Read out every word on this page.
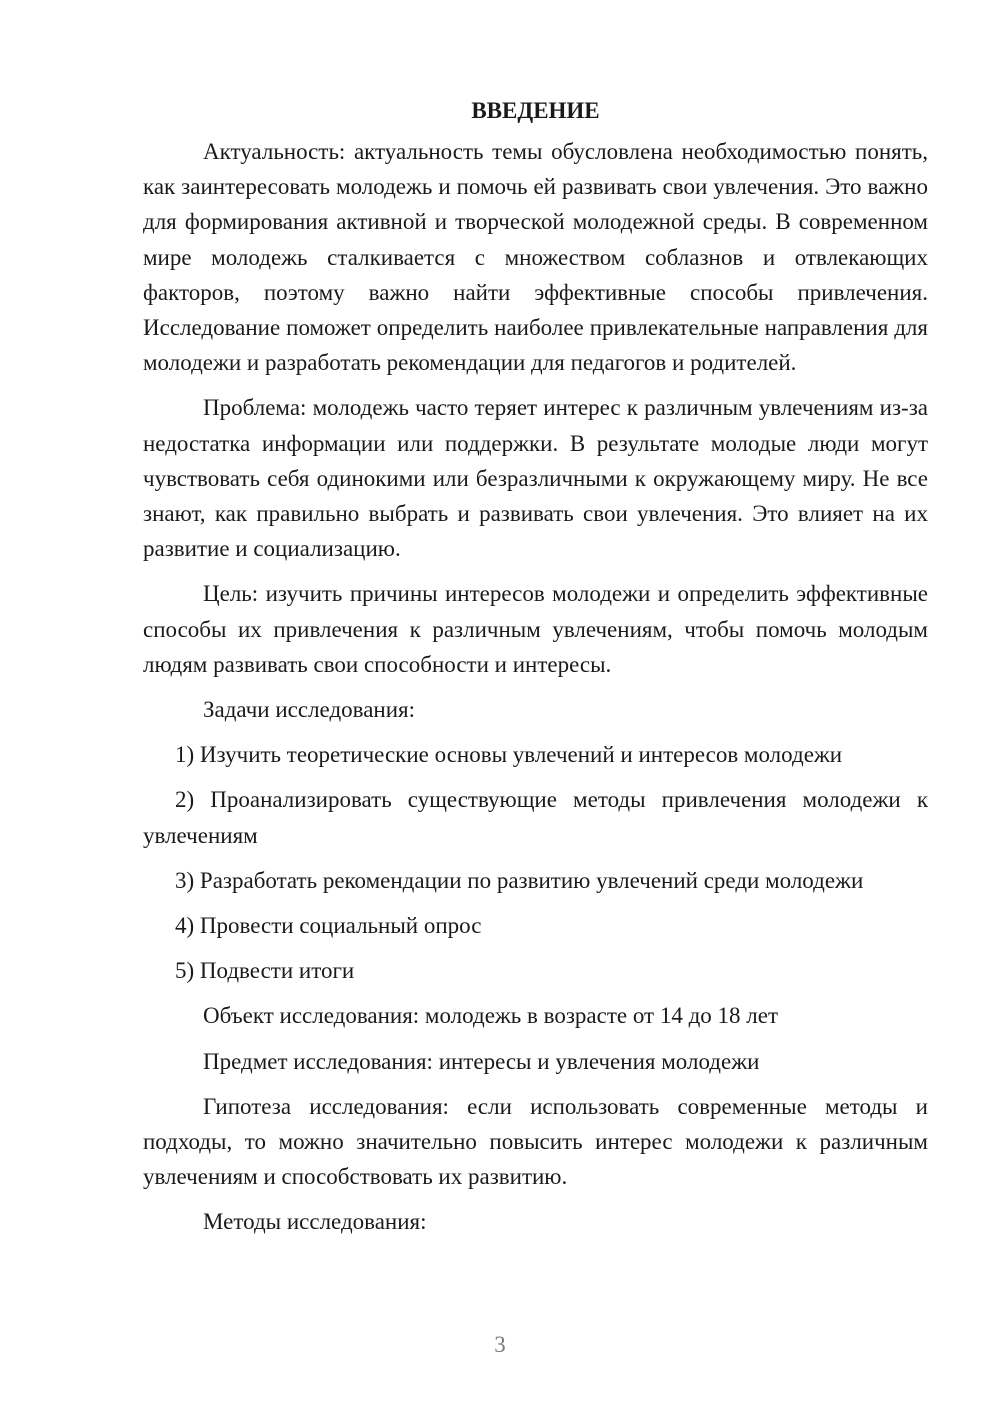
ВВЕДЕНИЕ

Актуальность: актуальность темы обусловлена необходимостью понять, как заинтересовать молодежь и помочь ей развивать свои увлечения. Это важно для формирования активной и творческой молодежной среды. В современном мире молодежь сталкивается с множеством соблазнов и отвлекающих факторов, поэтому важно найти эффективные способы привлечения. Исследование поможет определить наиболее привлекательные направления для молодежи и разработать рекомендации для педагогов и родителей.

Проблема: молодежь часто теряет интерес к различным увлечениям из-за недостатка информации или поддержки. В результате молодые люди могут чувствовать себя одинокими или безразличными к окружающему миру. Не все знают, как правильно выбрать и развивать свои увлечения. Это влияет на их развитие и социализацию.

Цель: изучить причины интересов молодежи и определить эффективные способы их привлечения к различным увлечениям, чтобы помочь молодым людям развивать свои способности и интересы.

Задачи исследования:

1) Изучить теоретические основы увлечений и интересов молодежи

2) Проанализировать существующие методы привлечения молодежи к увлечениям

3) Разработать рекомендации по развитию увлечений среди молодежи

4) Провести социальный опрос

5) Подвести итоги

Объект исследования: молодежь в возрасте от 14 до 18 лет

Предмет исследования: интересы и увлечения молодежи

Гипотеза исследования: если использовать современные методы и подходы, то можно значительно повысить интерес молодежи к различным увлечениям и способствовать их развитию.

Методы исследования:

3
